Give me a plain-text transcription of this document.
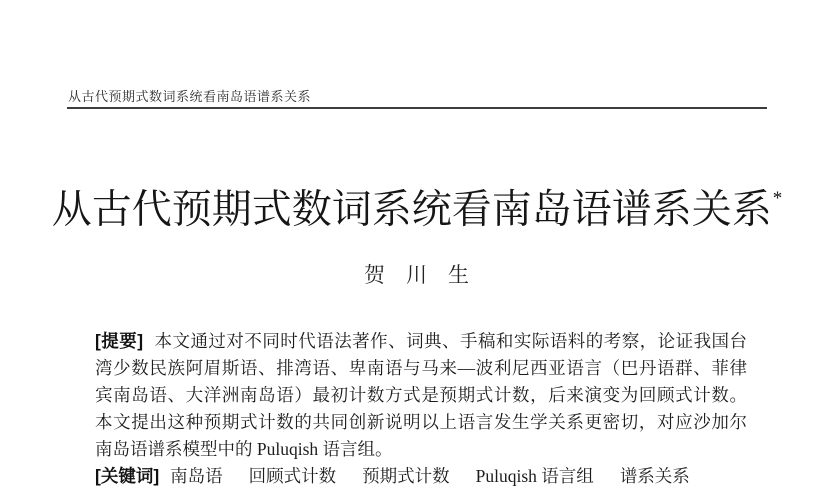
从古代预期式数词系统看南岛语谱系关系
从古代预期式数词系统看南岛语谱系关系*
贺　川　生
[提要] 本文通过对不同时代语法著作、词典、手稿和实际语料的考察，论证我国台
湾少数民族阿眉斯语、排湾语、卑南语与马来—波利尼西亚语言（巴丹语群、菲律
宾南岛语、大洋洲南岛语）最初计数方式是预期式计数，后来演变为回顾式计数。
本文提出这种预期式计数的共同创新说明以上语言发生学关系更密切，对应沙加尔
南岛语谱系模型中的 Puluqish 语言组。
[关键词] 南岛语 回顾式计数 预期式计数 Puluqish 语言组 谱系关系
